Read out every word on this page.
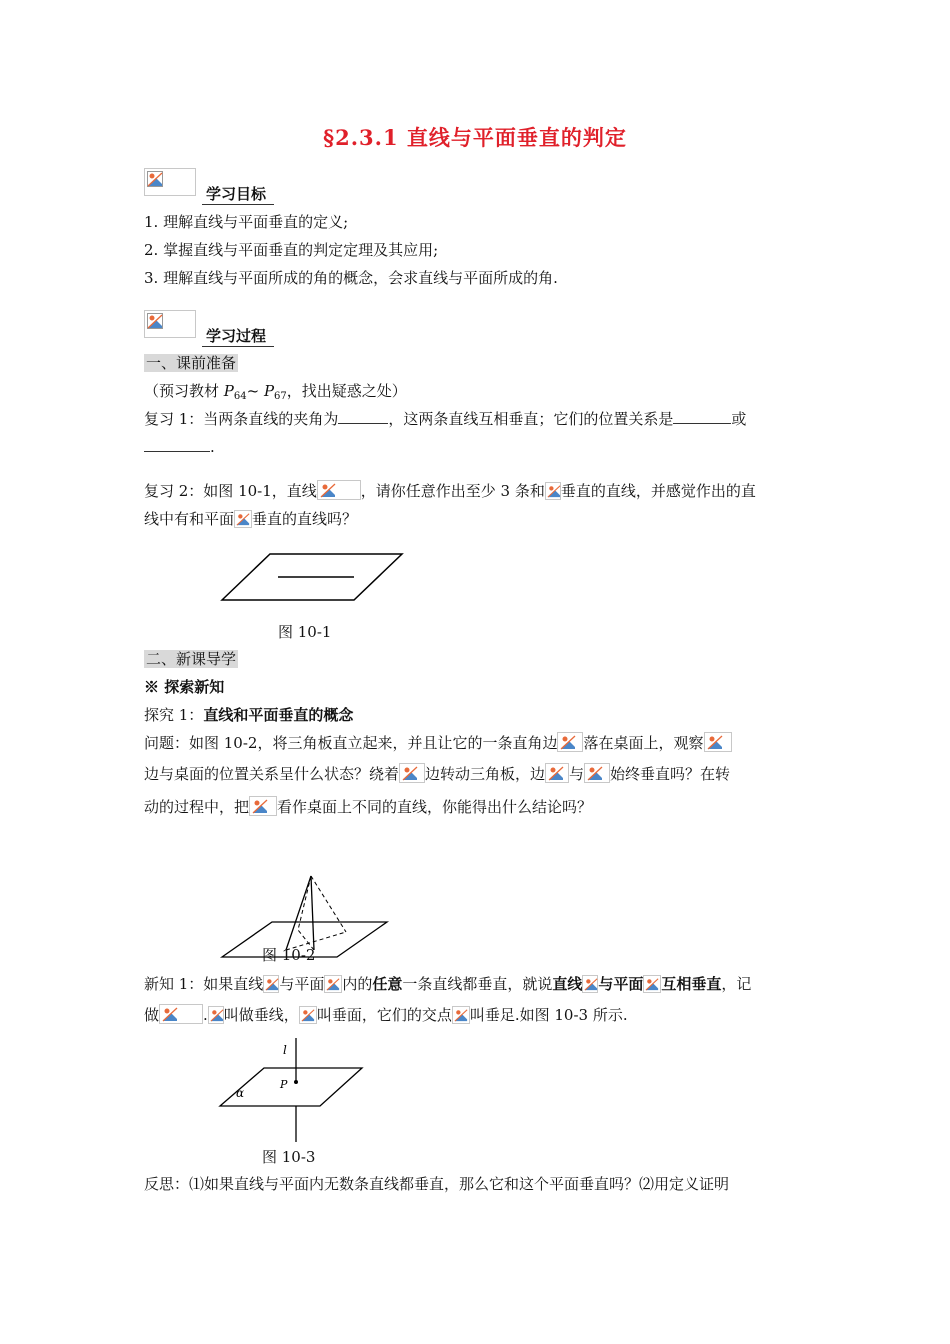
§2.3.1 直线与平面垂直的判定
学习目标
1. 理解直线与平面垂直的定义;
2. 掌握直线与平面垂直的判定定理及其应用;
3. 理解直线与平面所成的角的概念，会求直线与平面所成的角.
学习过程
一、课前准备
（预习教材 $P_{64}\sim$ $P_{67}$，找出疑惑之处）
复习 1：当两条直线的夹角为	，这两条直线互相垂直；它们的位置关系是	或
.
复习 2：如图 10-1，直线	，请你任意作出至少 3 条和 垂直的直线，并感觉作出的直
线中有和平面 垂直的直线吗？
图 10-1
二、新课导学
※ 探索新知
探究 1：直线和平面垂直的概念
问题：如图 10-2，将三角板直立起来，并且让它的一条直角边 落在桌面上，观察
边与桌面的位置关系呈什么状态？绕着 边转动三角板，边 与 始终垂直吗？在转
动的过程中，把 看作桌面上不同的直线，你能得出什么结论吗？
图 10-2
新知 1：如果直线 与平面 内的任意一条直线都垂直，就说直线 与平面 互相垂直，记
做	. 叫做垂线， 叫垂面，它们的交点 叫垂足.如图 10-3 所示.
l
P
α
图 10-3
反思：⑴如果直线与平面内无数条直线都垂直，那么它和这个平面垂直吗？⑵用定义证明
